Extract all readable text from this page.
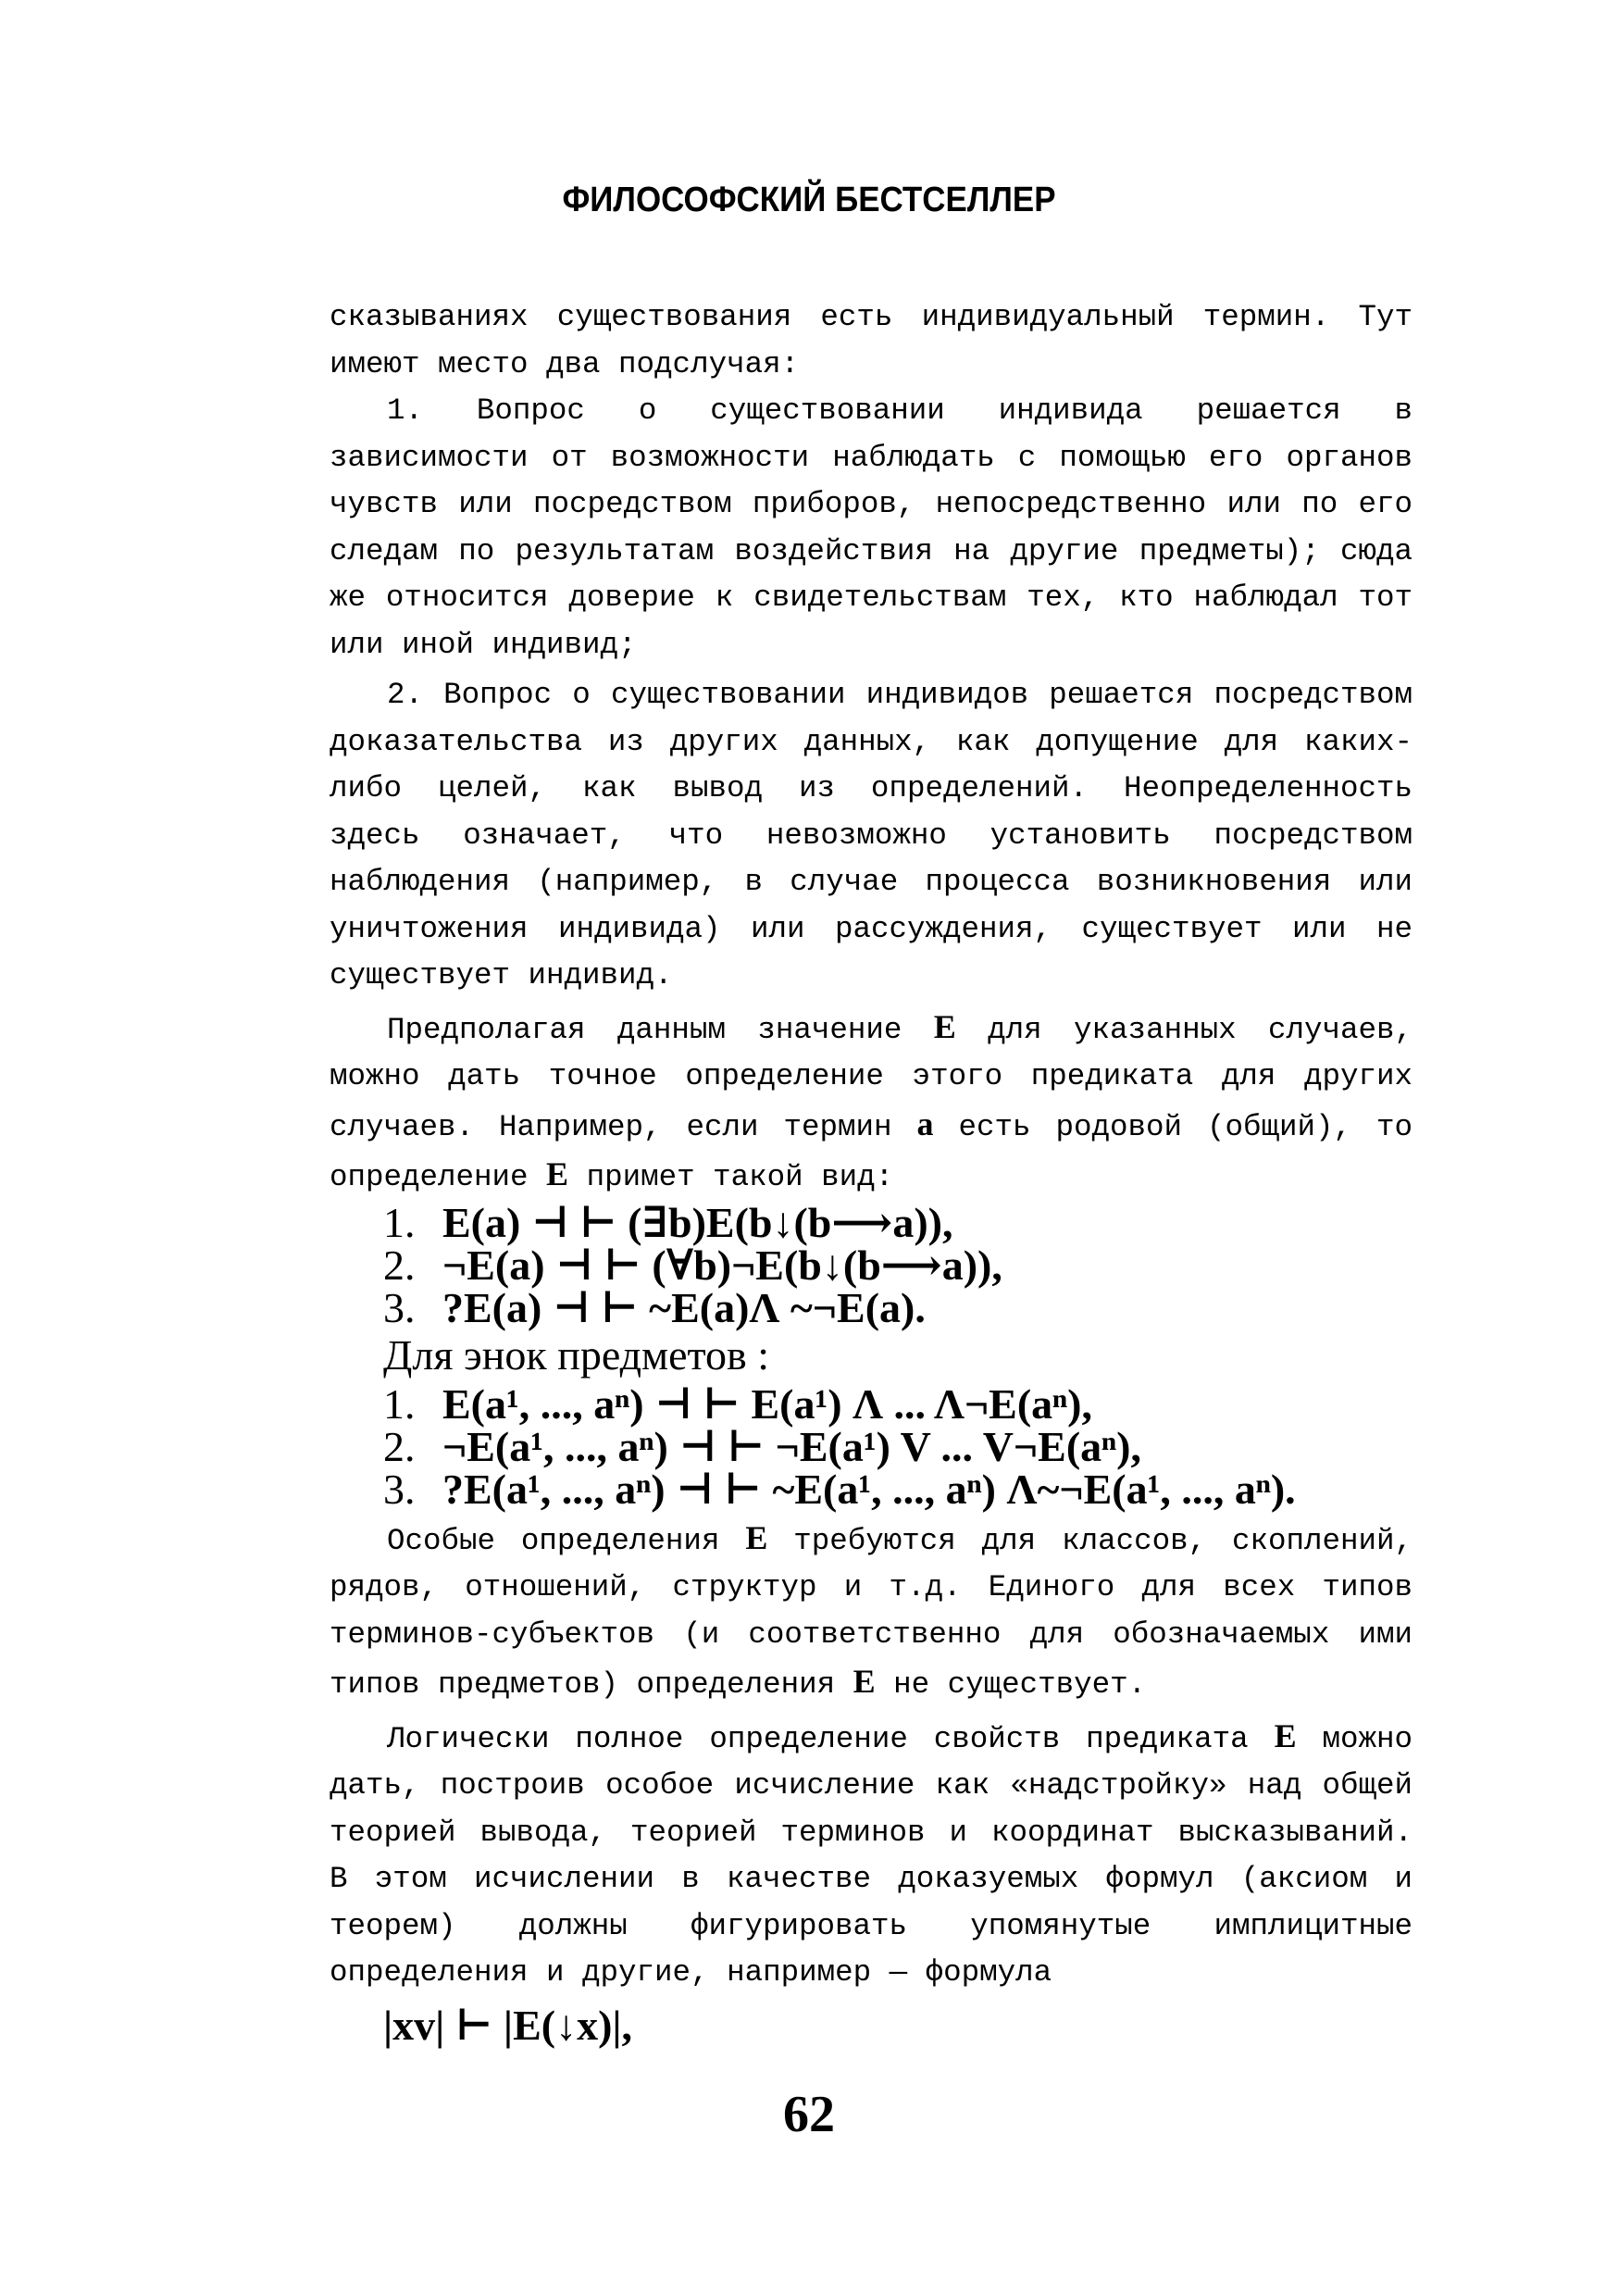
ФИЛОСОФСКИЙ БЕСТСЕЛЛЕР

сказываниях существования есть индивидуальный термин. Тут имеют место два подслучая:

1. Вопрос о существовании индивида решается в зависимости от возможности наблюдать с помощью его органов чувств или посредством приборов, непосредственно или по его следам по результатам воздействия на другие предметы); сюда же относится доверие к свидетельствам тех, кто наблюдал тот или иной индивид;

2. Вопрос о существовании индивидов решается посредством доказательства из других данных, как допущение для каких-либо целей, как вывод из определений. Неопределенность здесь означает, что невозможно установить посредством наблюдения (например, в случае процесса возникновения или уничтожения индивида) или рассуждения, существует или не существует индивид.

Предполагая данным значение E для указанных случаев, можно дать точное определение этого предиката для других случаев. Например, если термин a есть родовой (общий), то определение E примет такой вид:

1. E(a) ⊣ ⊢ (∃b)E(b↓(b⟶a)),
2. ¬E(a) ⊣ ⊢ (∀b)¬E(b↓(b⟶a)),
3. ?E(a) ⊣ ⊢ ~E(a)Λ ~¬E(a).
Для энок предметов :
1. E(a¹, ..., aⁿ) ⊣ ⊢ E(a¹) Λ ... Λ¬E(aⁿ),
2. ¬E(a¹, ..., aⁿ) ⊣ ⊢ ¬E(a¹) V ... V¬E(aⁿ),
3. ?E(a¹, ..., aⁿ) ⊣ ⊢ ~E(a¹, ..., aⁿ) Λ~¬E(a¹, ..., aⁿ).

Особые определения E требуются для классов, скоплений, рядов, отношений, структур и т.д. Единого для всех типов терминов-субъектов (и соответственно для обозначаемых ими типов предметов) определения E не существует.

Логически полное определение свойств предиката E можно дать, построив особое исчисление как «надстройку» над общей теорией вывода, теорией терминов и координат высказываний. В этом исчислении в качестве доказуемых формул (аксиом и теорем) должны фигурировать упомянутые имплицитные определения и другие, например — формула

|xv| ⊢ |E(↓x)|,
62
